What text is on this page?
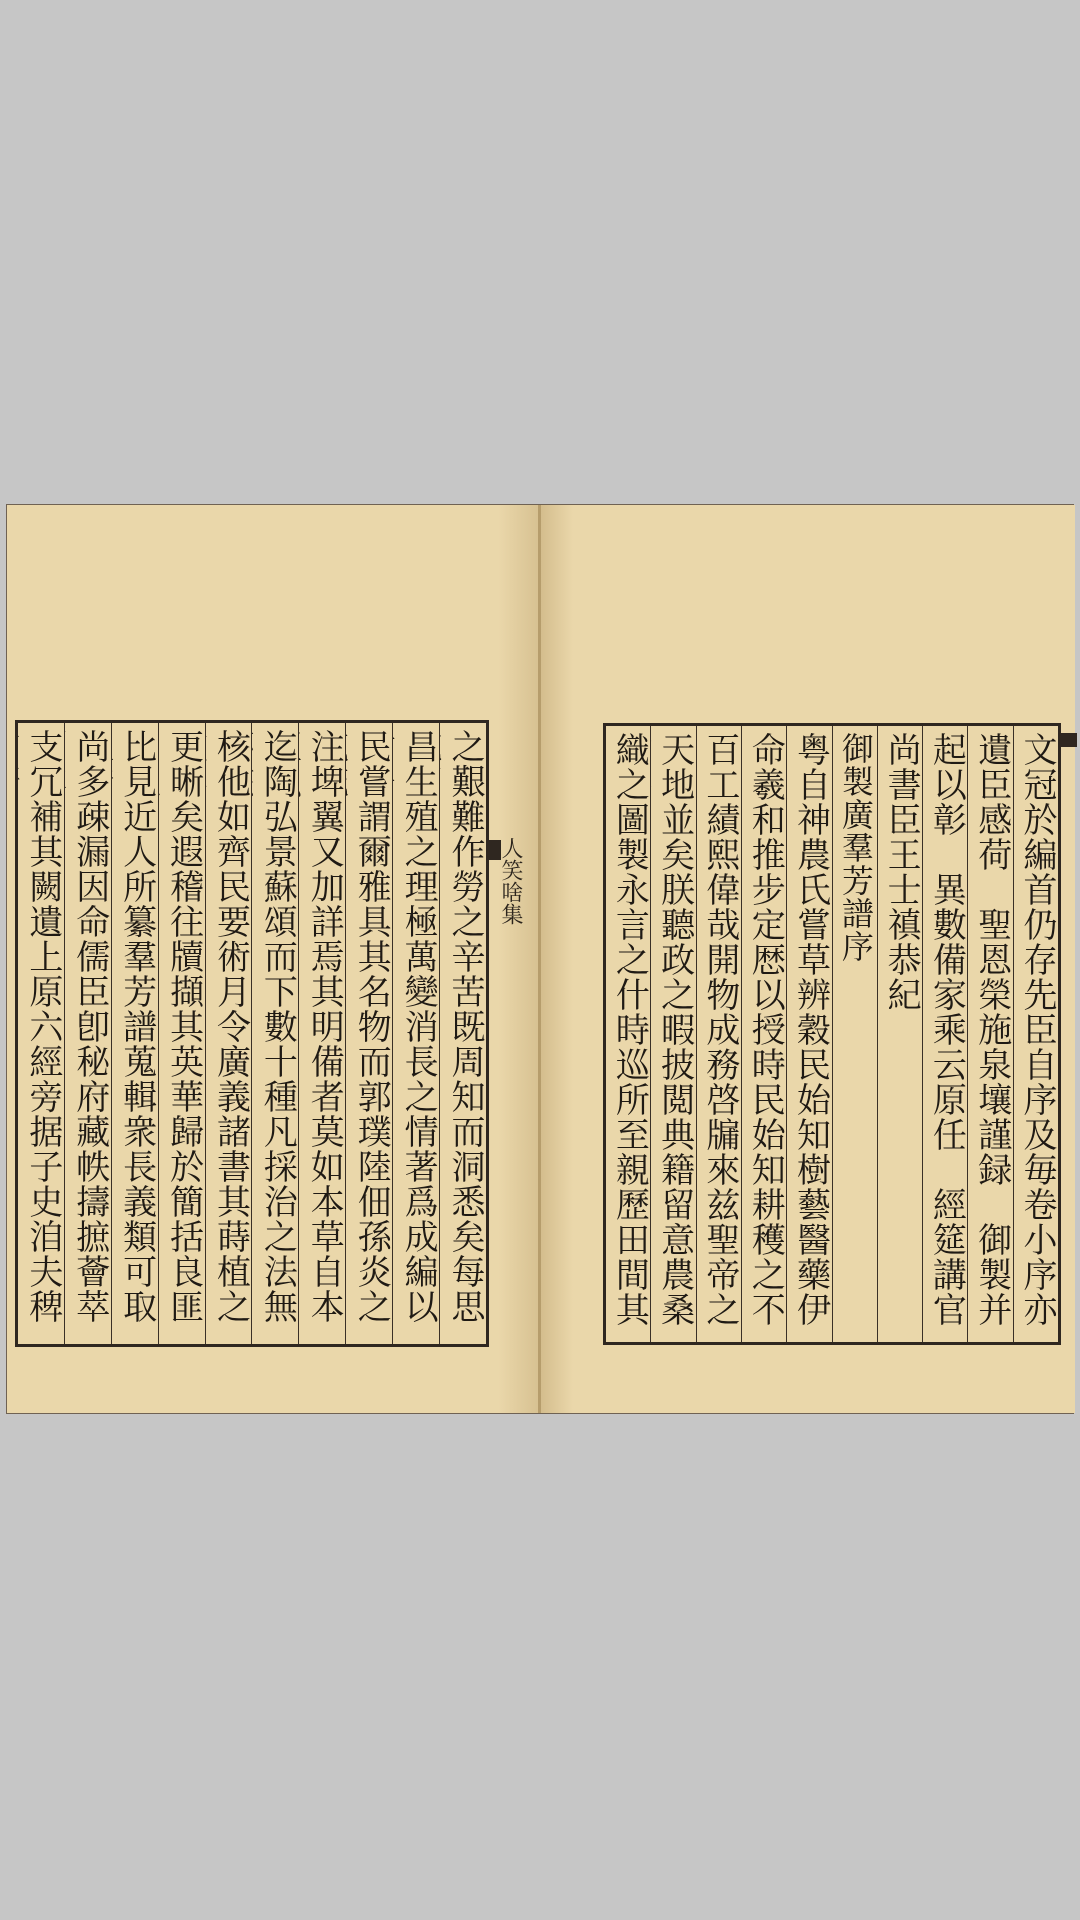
人笑啥集
之艱難作勞之辛苦既周知而洞悉矣每思
昌生殖之理極萬變消長之情著爲成編以
民嘗謂爾雅具其名物而郭璞陸佃孫炎之
注埤翼又加詳焉其明備者莫如本草自本
迄陶弘景蘇頌而下數十種凡採治之法無
核他如齊民要術月令廣義諸書其蒔植之
更晰矣遐稽往牘擷其英華歸於簡括良匪
比見近人所纂羣芳譜蒐輯衆長義類可取
尚多疎漏因命儒臣卽秘府藏帙擣摭薈萃
支冗補其闕遺上原六經旁据子史洎夫稗
文冠於編首仍存先臣自序及毎卷小序亦
遺臣感荷　聖恩榮施泉壤謹録　御製并
起以彰　異數備家乘云原任　經筵講官
尚書臣王士禛恭紀
御製廣羣芳譜序
粤自神農氏嘗草辨穀民始知樹藝醫藥伊
命羲和推步定厯以授時民始知耕穫之不
百工績熙偉哉開物成務啓牖來兹聖帝之
天地並矣朕聽政之暇披閲典籍留意農桑
織之圖製永言之什時巡所至親歷田間其
